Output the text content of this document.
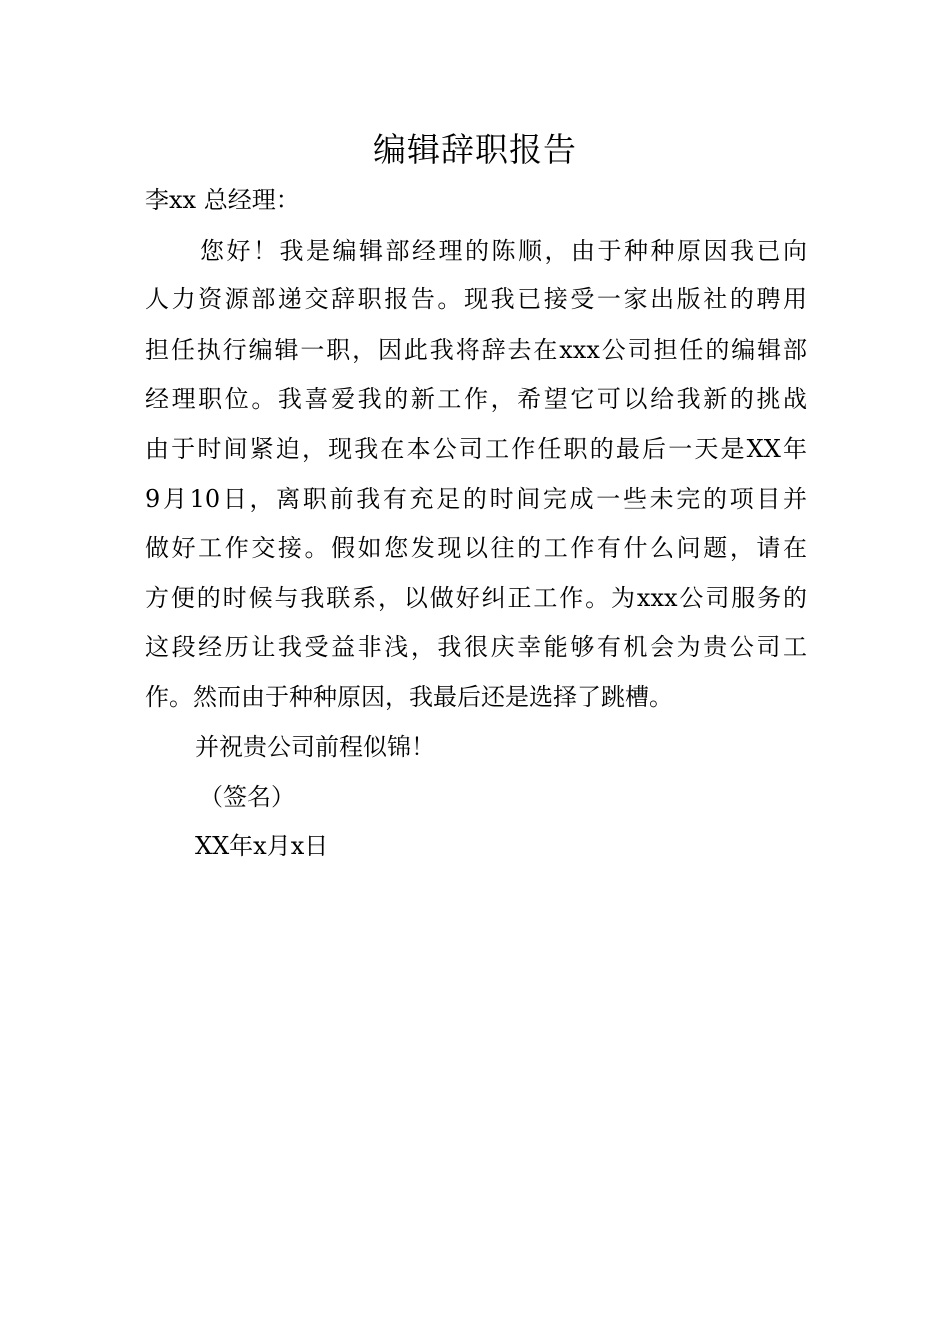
编辑辞职报告
李xx 总经理：
您好！我是编辑部经理的陈顺，由于种种原因我已向
人力资源部递交辞职报告。现我已接受一家出版社的聘用
担任执行编辑一职，因此我将辞去在xxx公司担任的编辑部
经理职位。我喜爱我的新工作，希望它可以给我新的挑战
由于时间紧迫，现我在本公司工作任职的最后一天是XX年
9月10日，离职前我有充足的时间完成一些未完的项目并
做好工作交接。假如您发现以往的工作有什么问题，请在
方便的时候与我联系，以做好纠正工作。为xxx公司服务的
这段经历让我受益非浅，我很庆幸能够有机会为贵公司工
作。然而由于种种原因，我最后还是选择了跳槽。
并祝贵公司前程似锦！
（签名）
XX年x月x日
